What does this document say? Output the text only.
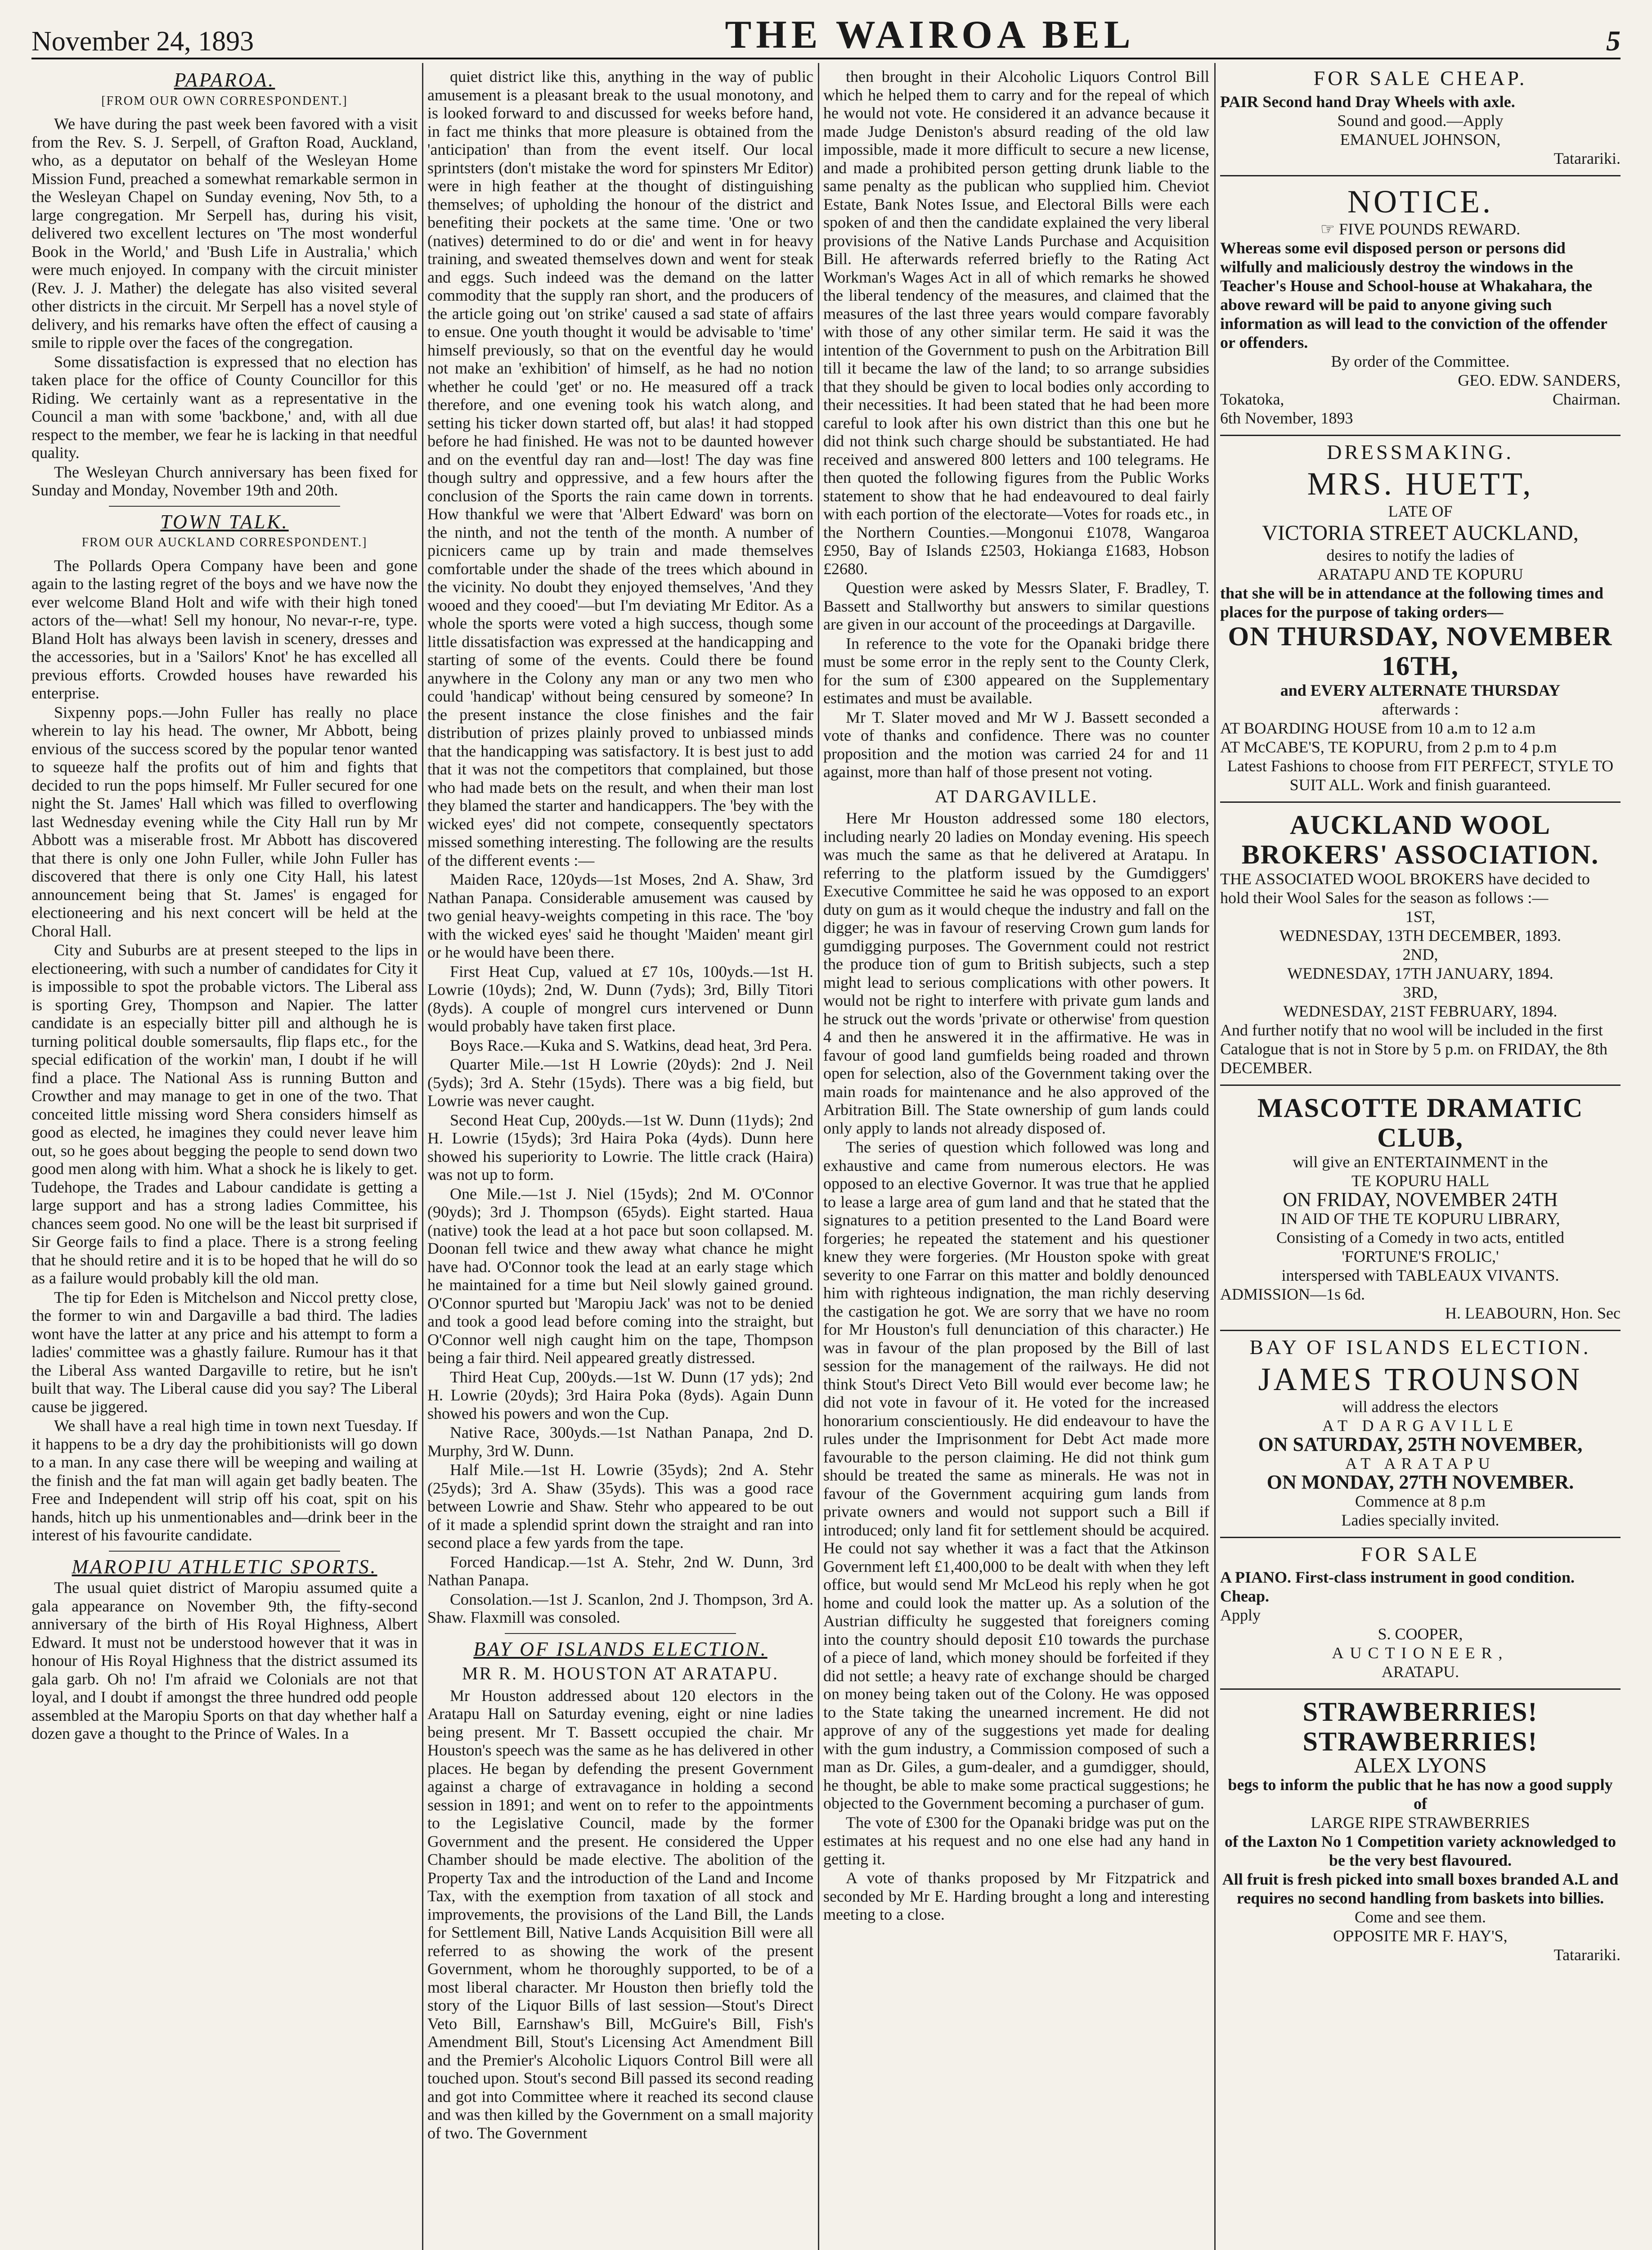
November 24, 1893	THE WAIROA BEL	5
PAPAROA.
[FROM OUR OWN CORRESPONDENT.]

We have during the past week been favored with a visit from the Rev. S. J. Serpell, of Grafton Road, Auckland, who, as a deputator on behalf of the Wesleyan Home Mission Fund, preached a somewhat remarkable sermon in the Wesleyan Chapel on Sunday evening, Nov 5th, to a large congregation. Mr Serpell has, during his visit, delivered two excellent lectures on 'The most wonderful Book in the World,' and 'Bush Life in Australia,' which were much enjoyed. In company with the circuit minister (Rev. J. J. Mather) the delegate has also visited several other districts in the circuit. Mr Serpell has a novel style of delivery, and his remarks have often the effect of causing a smile to ripple over the faces of the congregation.

Some dissatisfaction is expressed that no election has taken place for the office of County Councillor for this Riding. We certainly want as a representative in the Council a man with some 'backbone,' and, with all due respect to the member, we fear he is lacking in that needful quality.

The Wesleyan Church anniversary has been fixed for Sunday and Monday, November 19th and 20th.

TOWN TALK.
FROM OUR AUCKLAND CORRESPONDENT.]

The Pollards Opera Company have been and gone again to the lasting regret of the boys and we have now the ever welcome Bland Holt and wife with their high toned actors of the—what! Sell my honour, No nevar-r-re, type. Bland Holt has always been lavish in scenery, dresses and the accessories, but in a 'Sailors' Knot' he has excelled all previous efforts. Crowded houses have rewarded his enterprise.

Sixpenny pops.—John Fuller has really no place wherein to lay his head. The owner, Mr Abbott, being envious of the success scored by the popular tenor wanted to squeeze half the profits out of him and fights that decided to run the pops himself. Mr Fuller secured for one night the St. James' Hall which was filled to overflowing last Wednesday evening while the City Hall run by Mr Abbott was a miserable frost. Mr Abbott has discovered that there is only one John Fuller, while John Fuller has discovered that there is only one City Hall, his latest announcement being that St. James' is engaged for electioneering and his next concert will be held at the Choral Hall.

City and Suburbs are at present steeped to the lips in electioneering, with such a number of candidates for City it is impossible to spot the probable victors. The Liberal ass is sporting Grey, Thompson and Napier. The latter candidate is an especially bitter pill and although he is turning political double somersaults, flip flaps etc., for the special edification of the workin' man, I doubt if he will find a place. The National Ass is running Button and Crowther and may manage to get in one of the two. That conceited little missing word Shera considers himself as good as elected, he imagines they could never leave him out, so he goes about begging the people to send down two good men along with him. What a shock he is likely to get. Tudehope, the Trades and Labour candidate is getting a large support and has a strong ladies Committee, his chances seem good. No one will be the least bit surprised if Sir George fails to find a place. There is a strong feeling that he should retire and it is to be hoped that he will do so as a failure would probably kill the old man.

The tip for Eden is Mitchelson and Niccol pretty close, the former to win and Dargaville a bad third. The ladies wont have the latter at any price and his attempt to form a ladies' committee was a ghastly failure. Rumour has it that the Liberal Ass wanted Dargaville to retire, but he isn't built that way. The Liberal cause did you say? The Liberal cause be jiggered.

We shall have a real high time in town next Tuesday. If it happens to be a dry day the prohibitionists will go down to a man. In any case there will be weeping and wailing at the finish and the fat man will again get badly beaten. The Free and Independent will strip off his coat, spit on his hands, hitch up his unmentionables and—drink beer in the interest of his favourite candidate.

MAROPIU ATHLETIC SPORTS.

The usual quiet district of Maropiu assumed quite a gala appearance on November 9th, the fifty-second anniversary of the birth of His Royal Highness, Albert Edward. It must not be understood however that it was in honour of His Royal Highness that the district assumed its gala garb. Oh no! I'm afraid we Colonials are not that loyal, and I doubt if amongst the three hundred odd people assembled at the Maropiu Sports on that day whether half a dozen gave a thought to the Prince of Wales. In a

quiet district like this, anything in the way of public amusement is a pleasant break to the usual monotony, and is looked forward to and discussed for weeks before hand, in fact me thinks that more pleasure is obtained from the 'anticipation' than from the event itself. Our local sprintsters (don't mistake the word for spinsters Mr Editor) were in high feather at the thought of distinguishing themselves; of upholding the honour of the district and benefiting their pockets at the same time. 'One or two (natives) determined to do or die' and went in for heavy training, and sweated themselves down and went for steak and eggs. Such indeed was the demand on the latter commodity that the supply ran short, and the producers of the article going out 'on strike' caused a sad state of affairs to ensue. One youth thought it would be advisable to 'time' himself previously, so that on the eventful day he would not make an 'exhibition' of himself, as he had no notion whether he could 'get' or no. He measured off a track therefore, and one evening took his watch along, and setting his ticker down started off, but alas! it had stopped before he had finished. He was not to be daunted however and on the eventful day ran and—lost! The day was fine though sultry and oppressive, and a few hours after the conclusion of the Sports the rain came down in torrents. How thankful we were that 'Albert Edward' was born on the ninth, and not the tenth of the month. A number of picnicers came up by train and made themselves comfortable under the shade of the trees which abound in the vicinity. No doubt they enjoyed themselves, 'And they wooed and they cooed'—but I'm deviating Mr Editor. As a whole the sports were voted a high success, though some little dissatisfaction was expressed at the handicapping and starting of some of the events. Could there be found anywhere in the Colony any man or any two men who could 'handicap' without being censured by someone? In the present instance the close finishes and the fair distribution of prizes plainly proved to unbiassed minds that the handicapping was satisfactory. It is best just to add that it was not the competitors that complained, but those who had made bets on the result, and when their man lost they blamed the starter and handicappers. The 'bey with the wicked eyes' did not compete, consequently spectators missed something interesting. The following are the results of the different events :—

Maiden Race, 120yds—1st Moses, 2nd A. Shaw, 3rd Nathan Panapa. Considerable amusement was caused by two genial heavy-weights competing in this race. The 'boy with the wicked eyes' said he thought 'Maiden' meant girl or he would have been there.

First Heat Cup, valued at £7 10s, 100yds.—1st H. Lowrie (10yds); 2nd, W. Dunn (7yds); 3rd, Billy Titori (8yds). A couple of mongrel curs intervened or Dunn would probably have taken first place.

Boys Race.—Kuka and S. Watkins, dead heat, 3rd Pera.

Quarter Mile.—1st H Lowrie (20yds): 2nd J. Neil (5yds); 3rd A. Stehr (15yds). There was a big field, but Lowrie was never caught.

Second Heat Cup, 200yds.—1st W. Dunn (11yds); 2nd H. Lowrie (15yds); 3rd Haira Poka (4yds). Dunn here showed his superiority to Lowrie. The little crack (Haira) was not up to form.

One Mile.—1st J. Niel (15yds); 2nd M. O'Connor (90yds); 3rd J. Thompson (65yds). Eight started. Haua (native) took the lead at a hot pace but soon collapsed. M. Doonan fell twice and thew away what chance he might have had. O'Connor took the lead at an early stage which he maintained for a time but Neil slowly gained ground. O'Connor spurted but 'Maropiu Jack' was not to be denied and took a good lead before coming into the straight, but O'Connor well nigh caught him on the tape, Thompson being a fair third. Neil appeared greatly distressed.

Third Heat Cup, 200yds.—1st W. Dunn (17 yds); 2nd H. Lowrie (20yds); 3rd Haira Poka (8yds). Again Dunn showed his powers and won the Cup.

Native Race, 300yds.—1st Nathan Panapa, 2nd D. Murphy, 3rd W. Dunn.

Half Mile.—1st H. Lowrie (35yds); 2nd A. Stehr (25yds); 3rd A. Shaw (35yds). This was a good race between Lowrie and Shaw. Stehr who appeared to be out of it made a splendid sprint down the straight and ran into second place a few yards from the tape.

Forced Handicap.—1st A. Stehr, 2nd W. Dunn, 3rd Nathan Panapa.

Consolation.—1st J. Scanlon, 2nd J. Thompson, 3rd A. Shaw. Flaxmill was consoled.

BAY OF ISLANDS ELECTION.
MR R. M. HOUSTON AT ARATAPU.

Mr Houston addressed about 120 electors in the Aratapu Hall on Saturday evening, eight or nine ladies being present. Mr T. Bassett occupied the chair. Mr Houston's speech was the same as he has delivered in other places. He began by defending the present Government against a charge of extravagance in holding a second session in 1891; and went on to refer to the appointments to the Legislative Council, made by the former Government and the present. He considered the Upper Chamber should be made elective. The abolition of the Property Tax and the introduction of the Land and Income Tax, with the exemption from taxation of all stock and improvements, the provisions of the Land Bill, the Lands for Settlement Bill, Native Lands Acquisition Bill were all referred to as showing the work of the present Government, whom he thoroughly supported, to be of a most liberal character. Mr Houston then briefly told the story of the Liquor Bills of last session—Stout's Direct Veto Bill, Earnshaw's Bill, McGuire's Bill, Fish's Amendment Bill, Stout's Licensing Act Amendment Bill and the Premier's Alcoholic Liquors Control Bill were all touched upon. Stout's second Bill passed its second reading and got into Committee where it reached its second clause and was then killed by the Government on a small majority of two. The Government

then brought in their Alcoholic Liquors Control Bill which he helped them to carry and for the repeal of which he would not vote. He considered it an advance because it made Judge Deniston's absurd reading of the old law impossible, made it more difficult to secure a new license, and made a prohibited person getting drunk liable to the same penalty as the publican who supplied him. Cheviot Estate, Bank Notes Issue, and Electoral Bills were each spoken of and then the candidate explained the very liberal provisions of the Native Lands Purchase and Acquisition Bill. He afterwards referred briefly to the Rating Act Workman's Wages Act in all of which remarks he showed the liberal tendency of the measures, and claimed that the measures of the last three years would compare favorably with those of any other similar term. He said it was the intention of the Government to push on the Arbitration Bill till it became the law of the land; to so arrange subsidies that they should be given to local bodies only according to their necessities. It had been stated that he had been more careful to look after his own district than this one but he did not think such charge should be substantiated. He had received and answered 800 letters and 100 telegrams. He then quoted the following figures from the Public Works statement to show that he had endeavoured to deal fairly with each portion of the electorate—Votes for roads etc., in the Northern Counties.—Mongonui £1078, Wangaroa £950, Bay of Islands £2503, Hokianga £1683, Hobson £2680.

Question were asked by Messrs Slater, F. Bradley, T. Bassett and Stallworthy but answers to similar questions are given in our account of the proceedings at Dargaville.

In reference to the vote for the Opanaki bridge there must be some error in the reply sent to the County Clerk, for the sum of £300 appeared on the Supplementary estimates and must be available.

Mr T. Slater moved and Mr W J. Bassett seconded a vote of thanks and confidence. There was no counter proposition and the motion was carried 24 for and 11 against, more than half of those present not voting.

AT DARGAVILLE.

Here Mr Houston addressed some 180 electors, including nearly 20 ladies on Monday evening. His speech was much the same as that he delivered at Aratapu. In referring to the platform issued by the Gumdiggers' Executive Committee he said he was opposed to an export duty on gum as it would cheque the industry and fall on the digger; he was in favour of reserving Crown gum lands for gumdigging purposes. The Government could not restrict the produce tion of gum to British subjects, such a step might lead to serious complications with other powers. It would not be right to interfere with private gum lands and he struck out the words 'private or otherwise' from question 4 and then he answered it in the affirmative. He was in favour of good land gumfields being roaded and thrown open for selection, also of the Government taking over the main roads for maintenance and he also approved of the Arbitration Bill. The State ownership of gum lands could only apply to lands not already disposed of.

The series of question which followed was long and exhaustive and came from numerous electors. He was opposed to an elective Governor. It was true that he applied to lease a large area of gum land and that he stated that the signatures to a petition presented to the Land Board were forgeries; he repeated the statement and his questioner knew they were forgeries. (Mr Houston spoke with great severity to one Farrar on this matter and boldly denounced him with righteous indignation, the man richly deserving the castigation he got. We are sorry that we have no room for Mr Houston's full denunciation of this character.) He was in favour of the plan proposed by the Bill of last session for the management of the railways. He did not think Stout's Direct Veto Bill would ever become law; he did not vote in favour of it. He voted for the increased honorarium conscientiously. He did endeavour to have the rules under the Imprisonment for Debt Act made more favourable to the person claiming. He did not think gum should be treated the same as minerals. He was not in favour of the Government acquiring gum lands from private owners and would not support such a Bill if introduced; only land fit for settlement should be acquired. He could not say whether it was a fact that the Atkinson Government left £1,400,000 to be dealt with when they left office, but would send Mr McLeod his reply when he got home and could look the matter up. As a solution of the Austrian difficulty he suggested that foreigners coming into the country should deposit £10 towards the purchase of a piece of land, which money should be forfeited if they did not settle; a heavy rate of exchange should be charged on money being taken out of the Colony. He was opposed to the State taking the unearned increment. He did not approve of any of the suggestions yet made for dealing with the gum industry, a Commission composed of such a man as Dr. Giles, a gum-dealer, and a gumdigger, should, he thought, be able to make some practical suggestions; he objected to the Government becoming a purchaser of gum.

The vote of £300 for the Opanaki bridge was put on the estimates at his request and no one else had any hand in getting it.

A vote of thanks proposed by Mr Fitzpatrick and seconded by Mr E. Harding brought a long and interesting meeting to a close.

FOR SALE CHEAP.
PAIR Second hand Dray Wheels with axle.
Sound and good.—Apply
EMANUEL JOHNSON,
Tatarariki.
NOTICE.
☞ FIVE POUNDS REWARD.
Whereas some evil disposed person or persons did wilfully and maliciously destroy the windows in the Teacher's House and School-house at Whakahara, the above reward will be paid to anyone giving such information as will lead to the conviction of the offender or offenders.
By order of the Committee.
GEO. EDW. SANDERS,
Tokatoka,	Chairman.
6th November, 1893
DRESSMAKING.
MRS. HUETT,
LATE OF
VICTORIA STREET AUCKLAND,
desires to notify the ladies of
ARATAPU AND TE KOPURU
that she will be in attendance at the following times and places for the purpose of taking orders—
ON THURSDAY, NOVEMBER 16TH,
and EVERY ALTERNATE THURSDAY
afterwards :
AT BOARDING HOUSE from 10 a.m to 12 a.m
AT McCABE'S, TE KOPURU, from 2 p.m to 4 p.m
Latest Fashions to choose from FIT PERFECT, STYLE TO SUIT ALL. Work and finish guaranteed.
AUCKLAND WOOL BROKERS' ASSOCIATION.
THE ASSOCIATED WOOL BROKERS have decided to hold their Wool Sales for the season as follows :—
1ST,
WEDNESDAY, 13TH DECEMBER, 1893.
2ND,
WEDNESDAY, 17TH JANUARY, 1894.
3RD,
WEDNESDAY, 21ST FEBRUARY, 1894.
And further notify that no wool will be included in the first Catalogue that is not in Store by 5 p.m. on FRIDAY, the 8th DECEMBER.
MASCOTTE DRAMATIC CLUB,
will give an ENTERTAINMENT in the
TE KOPURU HALL
ON FRIDAY, NOVEMBER 24TH
IN AID OF THE TE KOPURU LIBRARY,
Consisting of a Comedy in two acts, entitled
'FORTUNE'S FROLIC,'
interspersed with TABLEAUX VIVANTS.
ADMISSION—1s 6d.
H. LEABOURN, Hon. Sec
BAY OF ISLANDS ELECTION.
JAMES TROUNSON
will address the electors
AT DARGAVILLE
ON SATURDAY, 25TH NOVEMBER,
AT ARATAPU
ON MONDAY, 27TH NOVEMBER.
Commence at 8 p.m
Ladies specially invited.
FOR SALE
A PIANO. First-class instrument in good condition. Cheap.
Apply
S. COOPER,
AUCTIONEER,
ARATAPU.
STRAWBERRIES! STRAWBERRIES!
ALEX LYONS
begs to inform the public that he has now a good supply of
LARGE RIPE STRAWBERRIES
of the Laxton No 1 Competition variety acknowledged to be the very best flavoured.
All fruit is fresh picked into small boxes branded A.L and requires no second handling from baskets into billies.
Come and see them.
OPPOSITE MR F. HAY'S,
Tatarariki.
